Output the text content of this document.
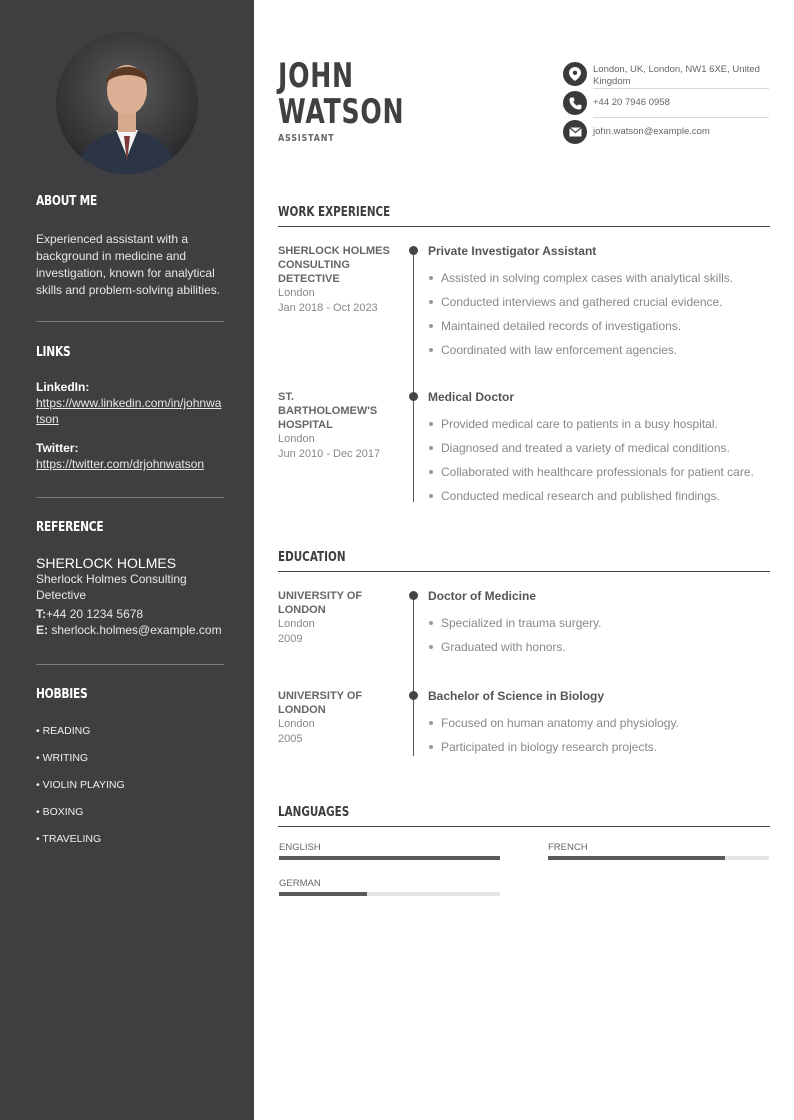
ABOUT ME
Experienced assistant with a background in medicine and investigation, known for analytical skills and problem-solving abilities.
LINKS
LinkedIn:
https://www.linkedin.com/in/johnwatson
Twitter:
https://twitter.com/drjohnwatson
REFERENCE
SHERLOCK HOLMES
Sherlock Holmes Consulting Detective
T:+44 20 1234 5678
E: sherlock.holmes@example.com
HOBBIES
• READING
• WRITING
• VIOLIN PLAYING
• BOXING
• TRAVELING
JOHN
WATSON
ASSISTANT
London, UK, London, NW1 6XE, United Kingdom
+44 20 7946 0958
john.watson@example.com
WORK EXPERIENCE
SHERLOCK HOLMES CONSULTING DETECTIVE
London
Jan 2018 - Oct 2023
Private Investigator Assistant
Assisted in solving complex cases with analytical skills.
Conducted interviews and gathered crucial evidence.
Maintained detailed records of investigations.
Coordinated with law enforcement agencies.
ST. BARTHOLOMEW'S HOSPITAL
London
Jun 2010 - Dec 2017
Medical Doctor
Provided medical care to patients in a busy hospital.
Diagnosed and treated a variety of medical conditions.
Collaborated with healthcare professionals for patient care.
Conducted medical research and published findings.
EDUCATION
UNIVERSITY OF LONDON
London
2009
Doctor of Medicine
Specialized in trauma surgery.
Graduated with honors.
UNIVERSITY OF LONDON
London
2005
Bachelor of Science in Biology
Focused on human anatomy and physiology.
Participated in biology research projects.
LANGUAGES
ENGLISH	FRENCH
GERMAN
